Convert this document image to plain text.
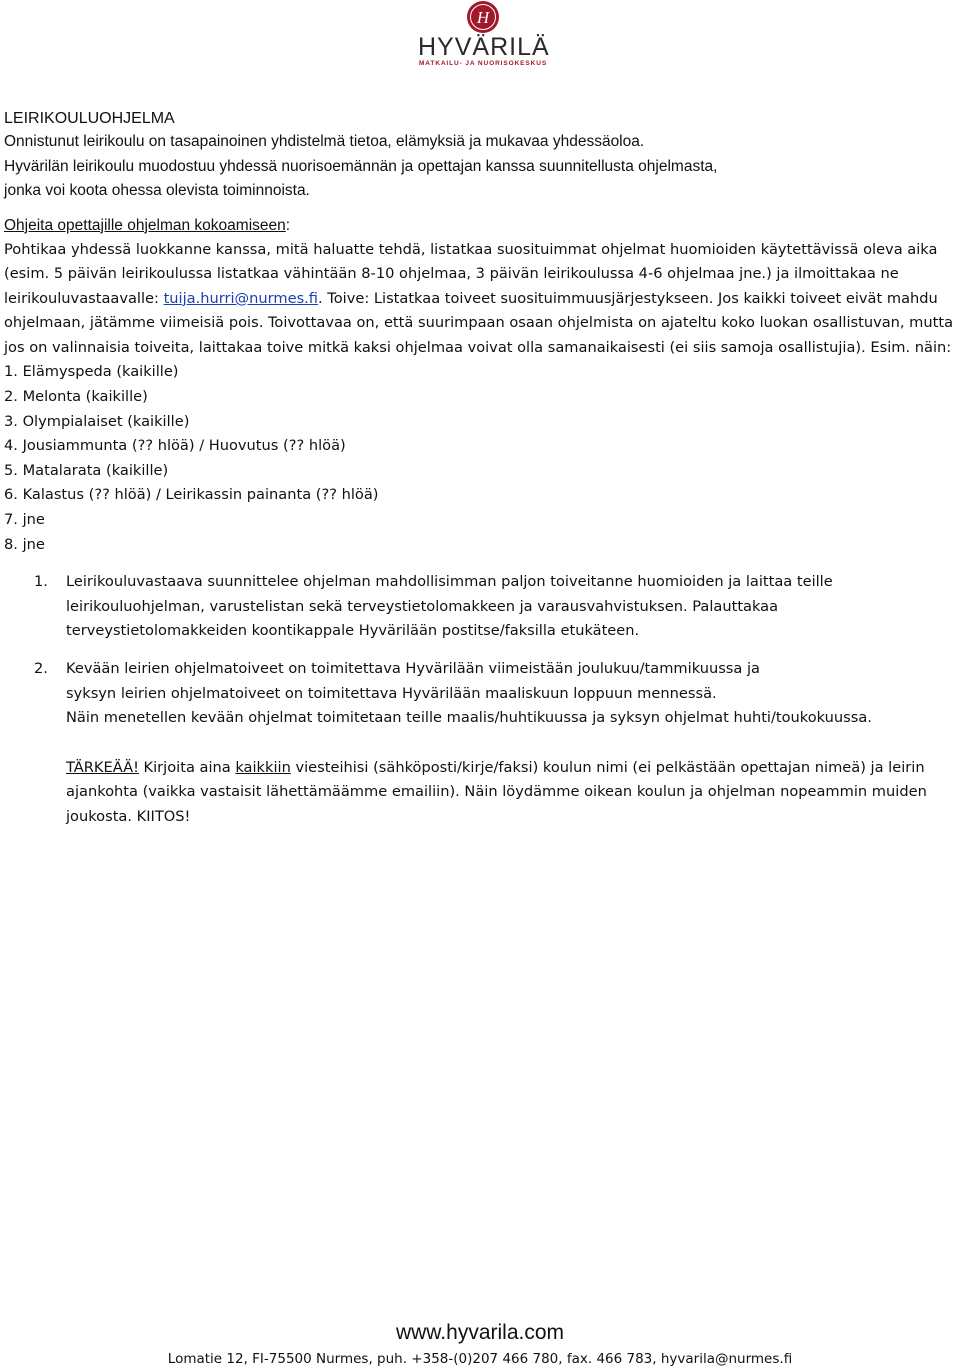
H
HYVÄRILÄ
MATKAILU- JA NUORISOKESKUS
LEIRIKOULUOHJELMA
Onnistunut leirikoulu on tasapainoinen yhdistelmä tietoa, elämyksiä ja mukavaa yhdessäoloa.
Hyvärilän leirikoulu muodostuu yhdessä nuorisoemännän ja opettajan kanssa suunnitellusta ohjelmasta,
jonka voi koota ohessa olevista toiminnoista.
Ohjeita opettajille ohjelman kokoamiseen:
Pohtikaa yhdessä luokkanne kanssa, mitä haluatte tehdä, listatkaa suosituimmat ohjelmat huomioiden käytettävissä oleva aika (esim. 5 päivän leirikoulussa listatkaa vähintään 8-10 ohjelmaa, 3 päivän leirikoulussa 4-6 ohjelmaa jne.) ja ilmoittakaa ne leirikouluvastaavalle: tuija.hurri@nurmes.fi. Toive: Listatkaa toiveet suosituimmuusjärjestykseen. Jos kaikki toiveet eivät mahdu ohjelmaan, jätämme viimeisiä pois. Toivottavaa on, että suurimpaan osaan ohjelmista on ajateltu koko luokan osallistuvan, mutta jos on valinnaisia toiveita, laittakaa toive mitkä kaksi ohjelmaa voivat olla samanaikaisesti (ei siis samoja osallistujia). Esim. näin:
1. Elämyspeda (kaikille)
2. Melonta (kaikille)
3. Olympialaiset (kaikille)
4. Jousiammunta (?? hlöä) / Huovutus (?? hlöä)
5. Matalarata (kaikille)
6. Kalastus (?? hlöä) / Leirikassin painanta (?? hlöä)
7. jne
8. jne
1. Leirikouluvastaava suunnittelee ohjelman mahdollisimman paljon toiveitanne huomioiden ja laittaa teille leirikouluohjelman, varustelistan sekä terveystietolomakkeen ja varausvahvistuksen. Palauttakaa terveystietolomakkeiden koontikappale Hyvärilään postitse/faksilla etukäteen.
2. Kevään leirien ohjelmatoiveet on toimitettava Hyvärilään viimeistään joulukuu/tammikuussa ja
syksyn leirien ohjelmatoiveet on toimitettava Hyvärilään maaliskuun loppuun mennessä.
Näin menetellen kevään ohjelmat toimitetaan teille maalis/huhtikuussa ja syksyn ohjelmat huhti/toukokuussa.
TÄRKEÄÄ! Kirjoita aina kaikkiin viesteihisi (sähköposti/kirje/faksi) koulun nimi (ei pelkästään opettajan nimeä) ja leirin ajankohta (vaikka vastaisit lähettämäämme emailiin). Näin löydämme oikean koulun ja ohjelman nopeammin muiden joukosta. KIITOS!
www.hyvarila.com
Lomatie 12, FI-75500 Nurmes, puh. +358-(0)207 466 780, fax. 466 783, hyvarila@nurmes.fi
